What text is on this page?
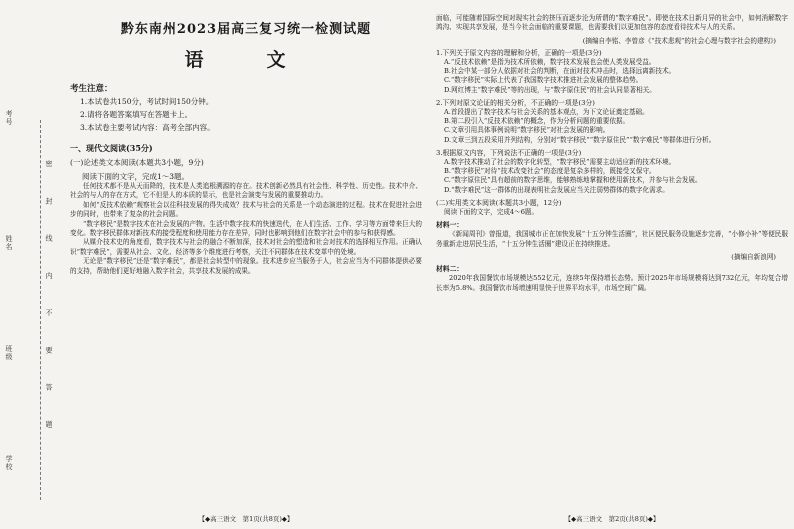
考号
姓名
班级
学校
密 封 线 内 不 要 答 题
黔东南州2023届高三复习统一检测试题
语　文
考生注意：

1.本试卷共150分，考试时间150分钟。

2.请将各题答案填写在答题卡上。

3.本试卷主要考试内容：高考全部内容。

一、现代文阅读(35分)
(一)论述类文本阅读(本题共3小题，9分)
阅读下面的文字，完成1～3题。

任何技术都不是从天而降的，技术是人类追根溯源的存在。技术创新必然具有社会性、科学性、历史性。技术中介、社会的与人的存在方式，它不但是人的本质的显示，也是社会演变与发展的重要推动力。

如何“反技术依赖”观察社会以往科技发展的得失成效？技术与社会的关系是一个动态演进的过程。技术在促进社会进步的同时，也带来了复杂的社会问题。

“数字移民”是数字技术在社会发展的产物。生活中数字技术的快速迭代，在人们生活、工作、学习等方面带来巨大的变化。数字移民群体对新技术的接受程度和使用能力存在差异，同时也影响到他们在数字社会中的参与和获得感。

从媒介技术史的角度看，数字技术与社会的融合不断加深，技术对社会的塑造和社会对技术的选择相互作用。正确认识“数字难民”，需要从社会、文化、经济等多个维度进行考察，关注不同群体在技术变革中的处境。

无论是“数字移民”还是“数字难民”，都是社会转型中的现象。技术进步应当服务于人，社会应当为不同群体提供必要的支持，帮助他们更好地融入数字社会，共享技术发展的成果。

【◆高三语文　第1页(共8页)◆】

面临，可能随着国际空间对现实社会的挤压而逐步沦为所谓的“数字难民”。即使在技术日新月异的社会中，如何消解数字鸿沟、实现共享发展，是当今社会面临的重要课题，也需要我们以更加包容的态度看待技术与人的关系。

(摘编自李铭、李曾彦《“技术悲观”的社会心理与数字社会的建构》)
1.下列关于原文内容的理解和分析，正确的一项是(3分)
A.“反技术依赖”是指为技术所依赖，数字技术发展也会使人类发展受益。
B.社会中某一部分人依据对社会的判断，在面对技术冲击时，选择远离新技术。
C.“数字移民”实际上代表了我国数字技术推进社会发展的整体趋势。
D.网红博主“数字难民”等的出现，与“数字原住民”的社会认同显著相关。
2.下列对原文论证的相关分析，不正确的一项是(3分)
A.首段提出了数字技术与社会关系的基本观点，为下文论证奠定基础。
B.第二段引入“反技术依赖”的概念，作为分析问题的重要依据。
C.文章引用具体事例说明“数字移民”对社会发展的影响。
D.文章三到五段采用并列结构，分别对“数字移民”“数字原住民”“数字难民”等群体进行分析。
3.根据原文内容，下列说法不正确的一项是(3分)
A.数字技术推动了社会的数字化转型，“数字移民”需要主动适应新的技术环境。
B.“数字移民”对待“技术改变社会”的态度是复杂多样的，既接受又保守。
C.“数字原住民”具有超前的数字思维，能够熟练地掌握和使用新技术，并参与社会发展。
D.“数字难民”这一群体的出现表明社会发展应当关注弱势群体的数字化需求。
(二)实用类文本阅读(本题共3小题，12分)
阅读下面的文字，完成4～6题。
材料一：

《新闻周刊》曾报道，我国城市正在加快发展“十五分钟生活圈”，社区便民服务设施逐步完善，“小修小补”等便民服务重新走进居民生活，“十五分钟生活圈”建设正在持续推进。

(摘编自新浪网)
材料二：

2020年我国餐饮市场规模达552亿元，连续5年保持增长态势。预计2025年市场规模将达到732亿元，年均复合增长率为5.8%。我国餐饮市场增速明显快于世界平均水平，市场空间广阔。

【◆高三语文　第2页(共8页)◆】
